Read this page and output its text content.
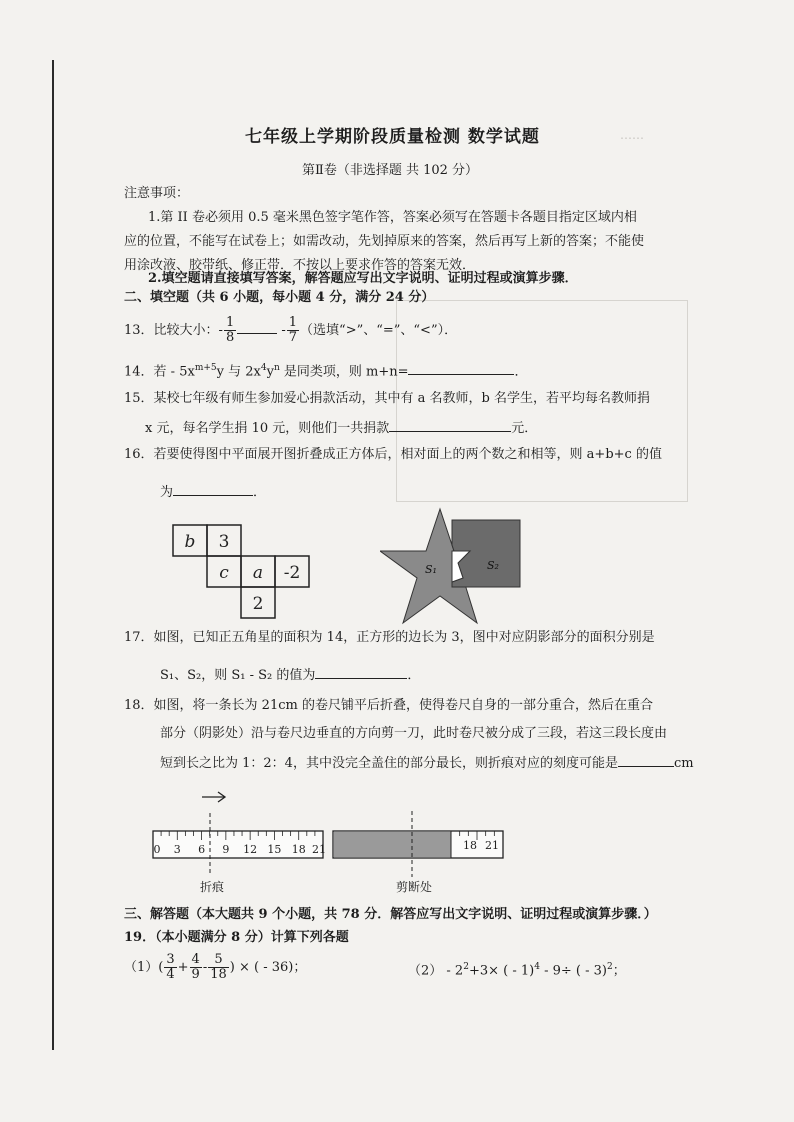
……
七年级上学期阶段质量检测 数学试题
第Ⅱ卷（非选择题 共 102 分）
注意事项：
1.第 II 卷必须用 0.5 毫米黑色签字笔作答，答案必须写在答题卡各题目指定区域内相
应的位置，不能写在试卷上；如需改动，先划掉原来的答案，然后再写上新的答案；不能使
用涂改液、胶带纸、修正带．不按以上要求作答的答案无效．
2.填空题请直接填写答案，解答题应写出文字说明、证明过程或演算步骤．
二、填空题（共 6 小题，每小题 4 分，满分 24 分）
13．比较大小：- $\frac{1}{8}$	- $\frac{1}{7}$ （选填“>”、“=”、“<”）．
14．若 - $5x^{m+5}y$ 与 $2x^4y^n$ 是同类项，则 m+n=	．
15．某校七年级有师生参加爱心捐款活动，其中有 a 名教师，b 名学生，若平均每名教师捐
x 元，每名学生捐 10 元，则他们一共捐款	元．
16．若要使得图中平面展开图折叠成正方体后，相对面上的两个数之和相等，则 a+b+c 的值
为	．
b 3
c a -2
2
S₁	S₂
17．如图，已知正五角星的面积为 14，正方形的边长为 3，图中对应阴影部分的面积分别是
S₁、S₂，则 S₁ - S₂ 的值为	．
18．如图，将一条长为 21cm 的卷尺铺平后折叠，使得卷尺自身的一部分重合，然后在重合
部分（阴影处）沿与卷尺边垂直的方向剪一刀，此时卷尺被分成了三段，若这三段长度由
短到长之比为 1：2：4，其中没完全盖住的部分最长，则折痕对应的刻度可能是	cm
0 3 6 9 12 15 18 21	18 21
折痕	剪断处
三、解答题（本大题共 9 个小题，共 78 分．解答应写出文字说明、证明过程或演算步骤．）
19．（本小题满分 8 分）计算下列各题
$(1)( \frac{3}{4} + \frac{4}{9} - \frac{5}{18}$ ) × ( - 36)；	$(2) - 2^2+3\times$ ( - 1)$^4$ - 9÷ ( - 3)$^2$；
